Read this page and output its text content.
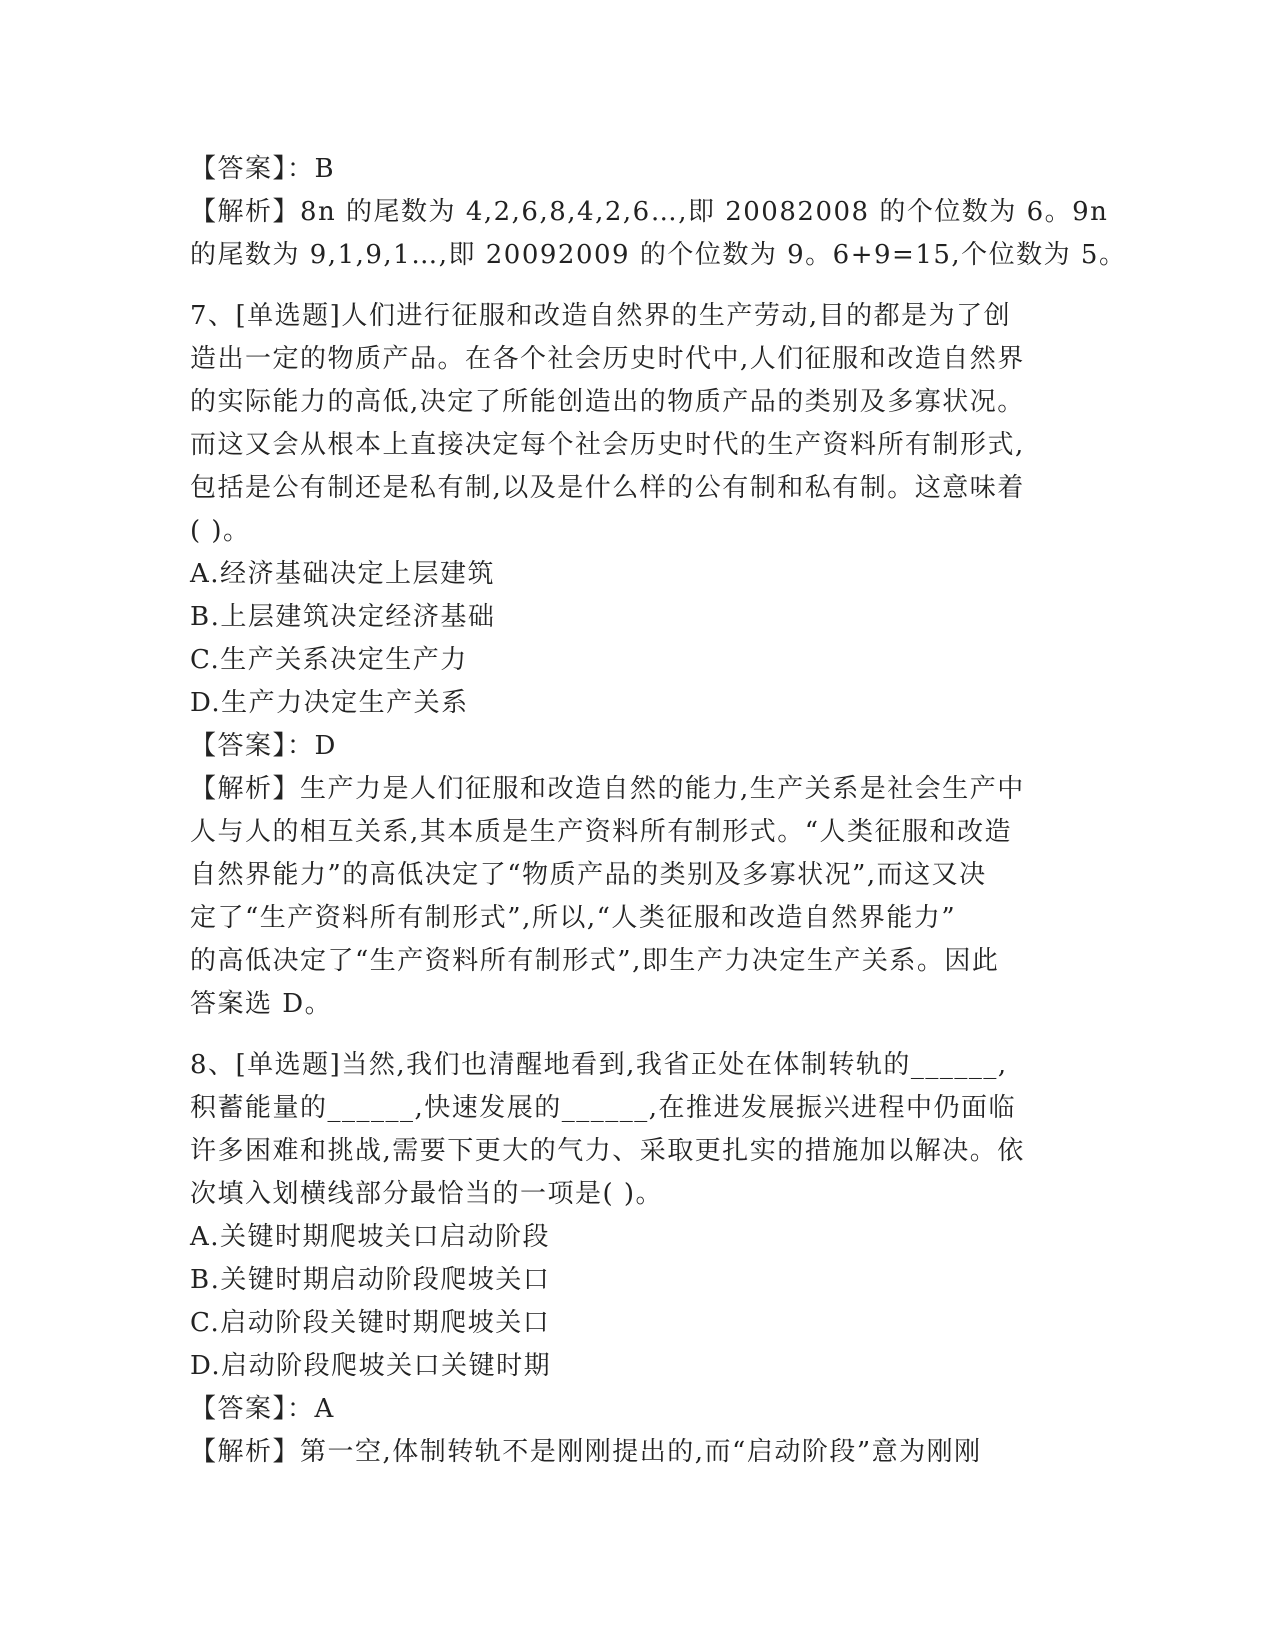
【答案】：B

【解析】8n 的尾数为 4,2,6,8,4,2,6…,即 20082008 的个位数为 6。9n

的尾数为 9,1,9,1…,即 20092009 的个位数为 9。6+9=15,个位数为 5。

7、[单选题]人们进行征服和改造自然界的生产劳动,目的都是为了创

造出一定的物质产品。在各个社会历史时代中,人们征服和改造自然界

的实际能力的高低,决定了所能创造出的物质产品的类别及多寡状况。

而这又会从根本上直接决定每个社会历史时代的生产资料所有制形式,

包括是公有制还是私有制,以及是什么样的公有制和私有制。这意味着

( )。

A.经济基础决定上层建筑

B.上层建筑决定经济基础

C.生产关系决定生产力

D.生产力决定生产关系

【答案】：D

【解析】生产力是人们征服和改造自然的能力,生产关系是社会生产中

人与人的相互关系,其本质是生产资料所有制形式。“人类征服和改造

自然界能力”的高低决定了“物质产品的类别及多寡状况”,而这又决

定了“生产资料所有制形式”,所以,“人类征服和改造自然界能力”

的高低决定了“生产资料所有制形式”,即生产力决定生产关系。因此

答案选 D。

8、[单选题]当然,我们也清醒地看到,我省正处在体制转轨的______,

积蓄能量的______,快速发展的______,在推进发展振兴进程中仍面临

许多困难和挑战,需要下更大的气力、采取更扎实的措施加以解决。依

次填入划横线部分最恰当的一项是( )。

A.关键时期爬坡关口启动阶段

B.关键时期启动阶段爬坡关口

C.启动阶段关键时期爬坡关口

D.启动阶段爬坡关口关键时期

【答案】：A

【解析】第一空,体制转轨不是刚刚提出的,而“启动阶段”意为刚刚
